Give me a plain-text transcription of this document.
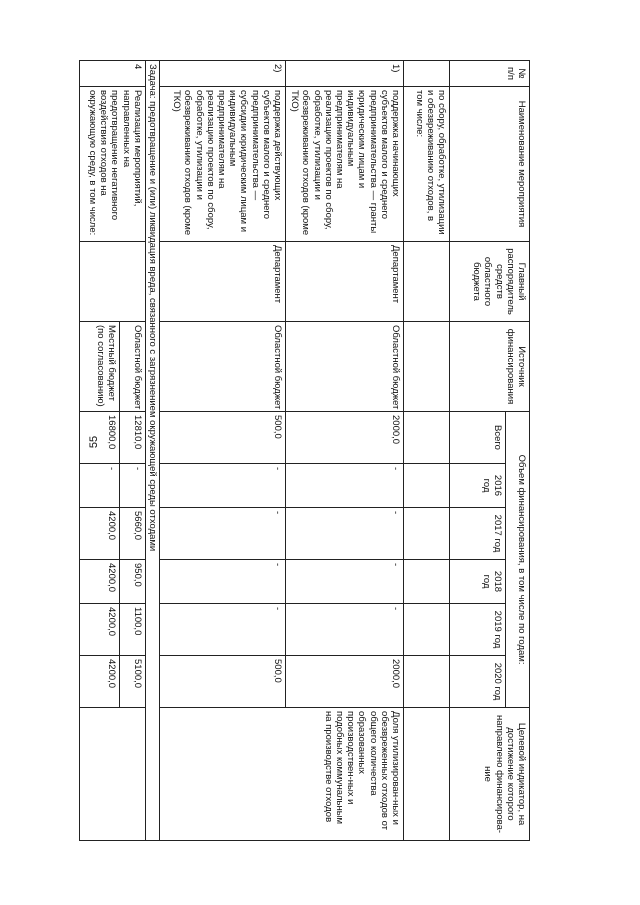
55
№ п/п	Наименование мероприятия	Главный распорядитель средств областного бюджета	Источник финансирования	Объем финансирования, в том числе по годам:						Целевой индикатор, на достижение которого направлено финансирова-ние
				Всего	2016 год	2017 год	2018 год	2019 год	2020 год	
	по сбору, обработке, утилизации и обезвреживанию отходов, в том числе:									
1)	поддержка начинающих субъектов малого и среднего предпринимательства — гранты юридическим лицам и индивидуальным предпринимателям на реализацию проектов по сбору, обработке, утилизации и обезвреживанию отходов (кроме ТКО)	Департамент	Областной бюджет	2000,0	-	-	-	-	2000,0	Доля утилизирован-ных и обезвреженных отходов от общего количества образованных производствен-ных и подобных коммунальным на производстве отходов
2)	поддержка действующих субъектов малого и среднего предпринимательства — субсидии юридическим лицам и индивидуальным предпринимателям на реализацию проектов по сбору, обработке, утилизации и обезвреживанию отходов (кроме ТКО)	Департамент	Областной бюджет	500,0	-	-	-	-	500,0	
Задача: предотвращение и (или) ликвидация вреда, связанного с загрязнением окружающей среды отходами										
4	Реализация мероприятий, направленных на предотвращение негативного воздействия отходов на окружающую среду, в том числе:		Областной бюджет	12810,0	-	5660,0	950,0	1100,0	5100,0	
			Местный бюджет (по согласованию)	16800,0	-	4200,0	4200,0	4200,0	4200,0	
